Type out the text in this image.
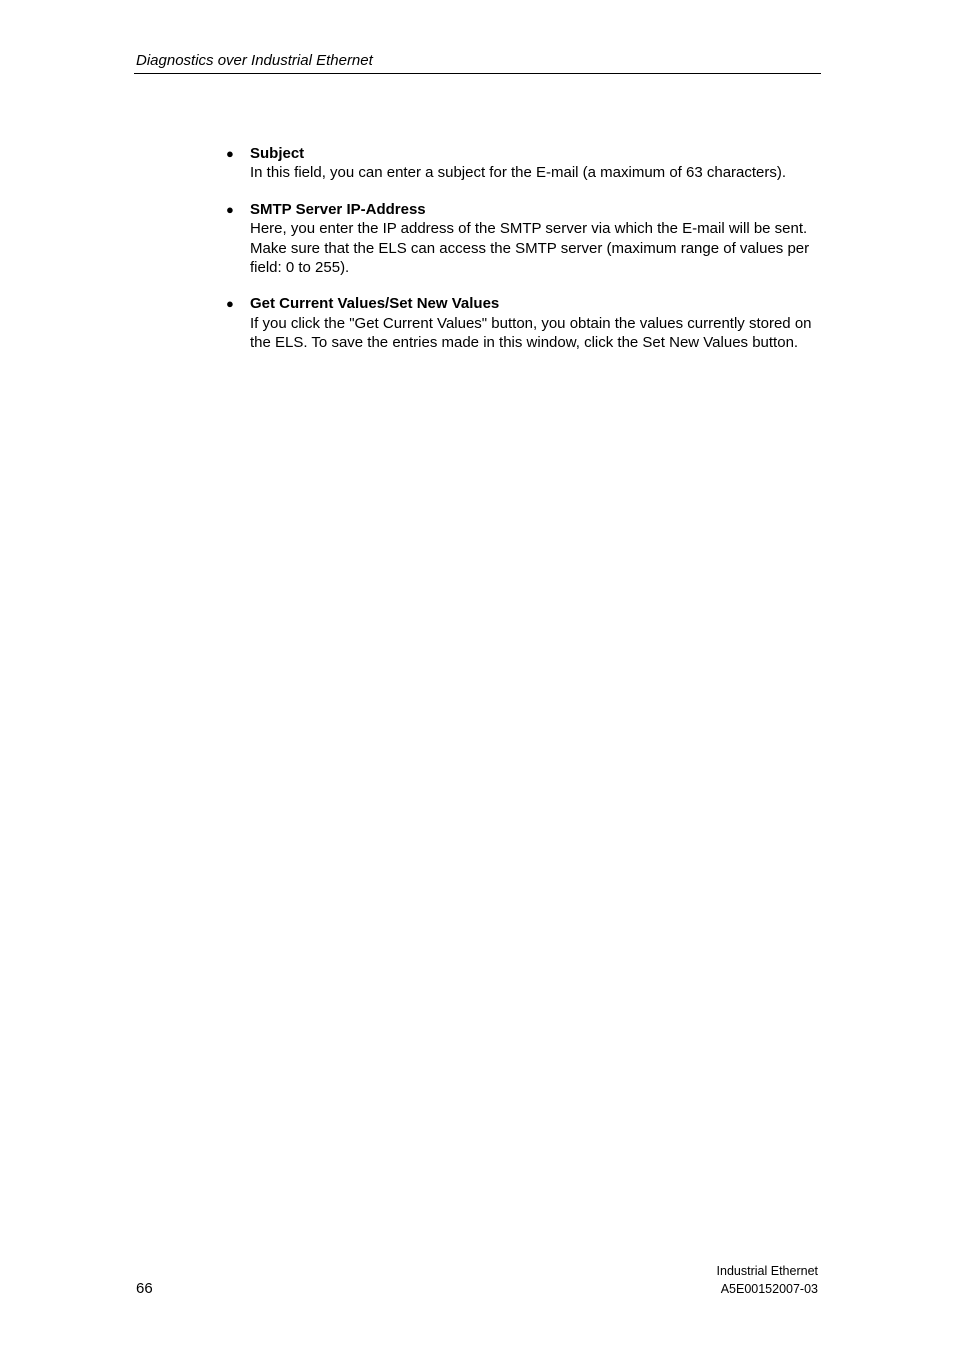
Diagnostics over Industrial Ethernet
● Subject
In this field, you can enter a subject for the E-mail (a maximum of 63 characters).
● SMTP Server IP-Address
Here, you enter the IP address of the SMTP server via which the E-mail will be sent. Make sure that the ELS can access the SMTP server (maximum range of values per field: 0 to 255).
● Get Current Values/Set New Values
If you click the "Get Current Values" button, you obtain the values currently stored on the ELS. To save the entries made in this window, click the Set New Values button.
66
Industrial Ethernet
A5E00152007-03
